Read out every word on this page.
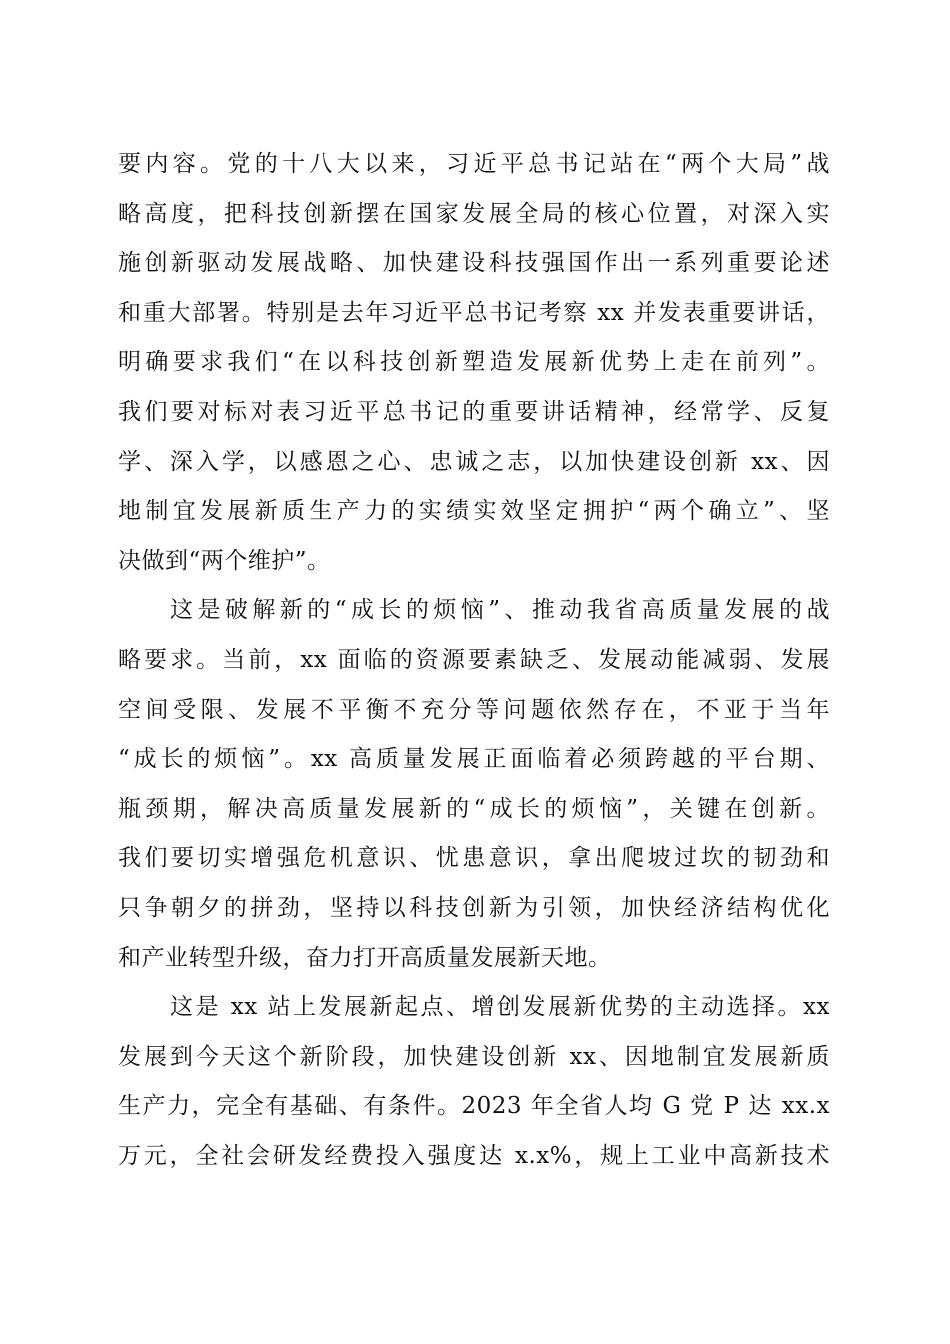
要内容。党的十八大以来，习近平总书记站在“两个大局”战
略高度，把科技创新摆在国家发展全局的核心位置，对深入实
施创新驱动发展战略、加快建设科技强国作出一系列重要论述
和重大部署。特别是去年习近平总书记考察 xx 并发表重要讲话，
明确要求我们“在以科技创新塑造发展新优势上走在前列”。
我们要对标对表习近平总书记的重要讲话精神，经常学、反复
学、深入学，以感恩之心、忠诚之志，以加快建设创新 xx、因
地制宜发展新质生产力的实绩实效坚定拥护“两个确立”、坚
决做到“两个维护”。
这是破解新的“成长的烦恼”、推动我省高质量发展的战
略要求。当前，xx 面临的资源要素缺乏、发展动能减弱、发展
空间受限、发展不平衡不充分等问题依然存在，不亚于当年
“成长的烦恼”。xx 高质量发展正面临着必须跨越的平台期、
瓶颈期，解决高质量发展新的“成长的烦恼”，关键在创新。
我们要切实增强危机意识、忧患意识，拿出爬坡过坎的韧劲和
只争朝夕的拼劲，坚持以科技创新为引领，加快经济结构优化
和产业转型升级，奋力打开高质量发展新天地。
这是 xx 站上发展新起点、增创发展新优势的主动选择。xx
发展到今天这个新阶段，加快建设创新 xx、因地制宜发展新质
生产力，完全有基础、有条件。2023 年全省人均 G 党 P 达 xx.x
万元，全社会研发经费投入强度达 x.x%，规上工业中高新技术
